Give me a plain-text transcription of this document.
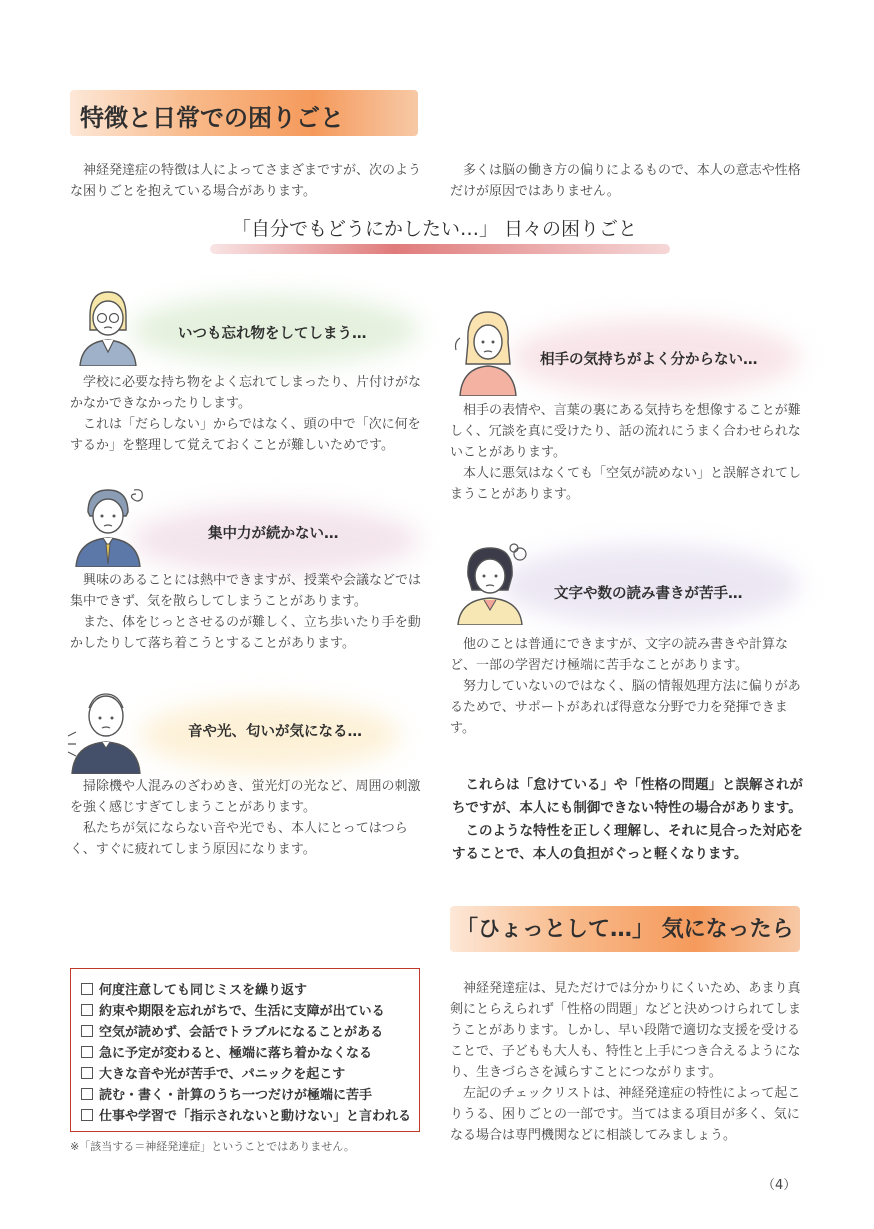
特徴と日常での困りごと

神経発達症の特徴は人によってさまざまですが、次のような困りごとを抱えている場合があります。

多くは脳の働き方の偏りによるもので、本人の意志や性格だけが原因ではありません。

「自分でもどうにかしたい…」 日々の困りごと
いつも忘れ物をしてしまう…

学校に必要な持ち物をよく忘れてしまったり、片付けがなかなかできなかったりします。

これは「だらしない」からではなく、頭の中で「次に何をするか」を整理して覚えておくことが難しいためです。

相手の気持ちがよく分からない…

相手の表情や、言葉の裏にある気持ちを想像することが難しく、冗談を真に受けたり、話の流れにうまく合わせられないことがあります。

本人に悪気はなくても「空気が読めない」と誤解されてしまうことがあります。

集中力が続かない…

興味のあることには熱中できますが、授業や会議などでは集中できず、気を散らしてしまうことがあります。

また、体をじっとさせるのが難しく、立ち歩いたり手を動かしたりして落ち着こうとすることがあります。

文字や数の読み書きが苦手…

他のことは普通にできますが、文字の読み書きや計算など、一部の学習だけ極端に苦手なことがあります。

努力していないのではなく、脳の情報処理方法に偏りがあるためで、サポートがあれば得意な分野で力を発揮できます。

音や光、匂いが気になる…

掃除機や人混みのざわめき、蛍光灯の光など、周囲の刺激を強く感じすぎてしまうことがあります。

私たちが気にならない音や光でも、本人にとってはつらく、すぐに疲れてしまう原因になります。

これらは「怠けている」や「性格の問題」と誤解されがちですが、本人にも制御できない特性の場合があります。

このような特性を正しく理解し、それに見合った対応をすることで、本人の負担がぐっと軽くなります。

「ひょっとして…」 気になったら

神経発達症は、見ただけでは分かりにくいため、あまり真剣にとらえられず「性格の問題」などと決めつけられてしまうことがあります。しかし、早い段階で適切な支援を受けることで、子どもも大人も、特性と上手につき合えるようになり、生きづらさを減らすことにつながります。

左記のチェックリストは、神経発達症の特性によって起こりうる、困りごとの一部です。当てはまる項目が多く、気になる場合は専門機関などに相談してみましょう。

何度注意しても同じミスを繰り返す
約束や期限を忘れがちで、生活に支障が出ている
空気が読めず、会話でトラブルになることがある
急に予定が変わると、極端に落ち着かなくなる
大きな音や光が苦手で、パニックを起こす
読む・書く・計算のうち一つだけが極端に苦手
仕事や学習で「指示されないと動けない」と言われる
※「該当する＝神経発達症」ということではありません。
（4）
